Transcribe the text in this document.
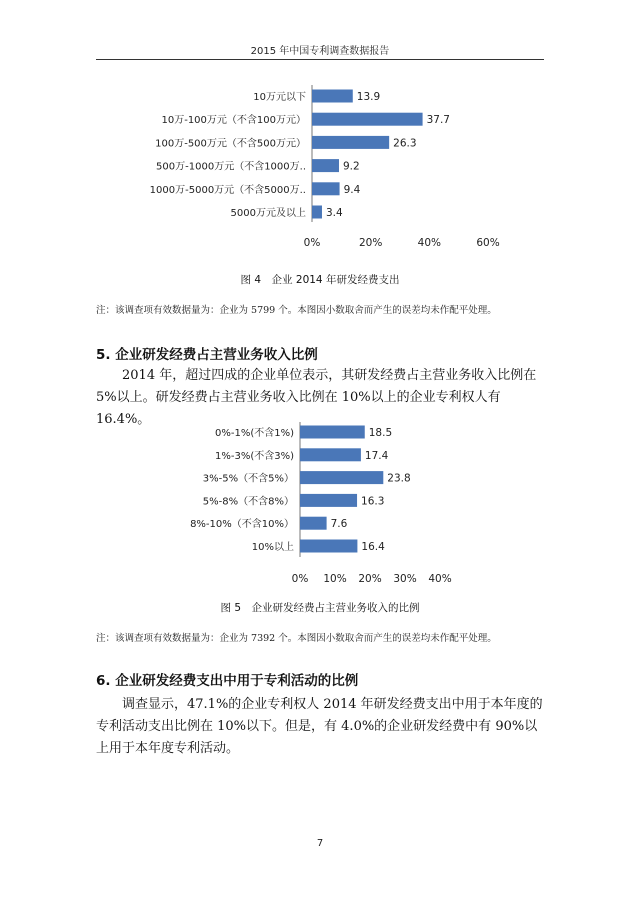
2015 年中国专利调查数据报告
10万元以下	13.9
10万-100万元（不含100万元）	37.7
100万-500万元（不含500万元）	26.3
500万-1000万元（不含1000万..	9.2
1000万-5000万元（不含5000万..	9.4
5000万元及以上 3.4
0%	20%	40%	60%
0%-1%(不含1%)	18.5
1%-3%(不含3%)	17.4
3%-5%（不含5%）	23.8
5%-8%（不含8%）	16.3
8%-10%（不含10%）	7.6
10%以上	16.4
0% 10% 20% 30% 40%
图 4　企业 2014 年研发经费支出
注：该调查项有效数据量为：企业为 5799 个。本图因小数取舍而产生的误差均未作配平处理。
5. 企业研发经费占主营业务收入比例
2014 年，超过四成的企业单位表示，其研发经费占主营业务收入比例在 5%以上。研发经费占主营业务收入比例在 10%以上的企业专利权人有 16.4%。
图 5　企业研发经费占主营业务收入的比例
注：该调查项有效数据量为：企业为 7392 个。本图因小数取舍而产生的误差均未作配平处理。
6. 企业研发经费支出中用于专利活动的比例
调查显示，47.1%的企业专利权人 2014 年研发经费支出中用于本年度的专利活动支出比例在 10%以下。但是，有 4.0%的企业研发经费中有 90%以上用于本年度专利活动。
7
